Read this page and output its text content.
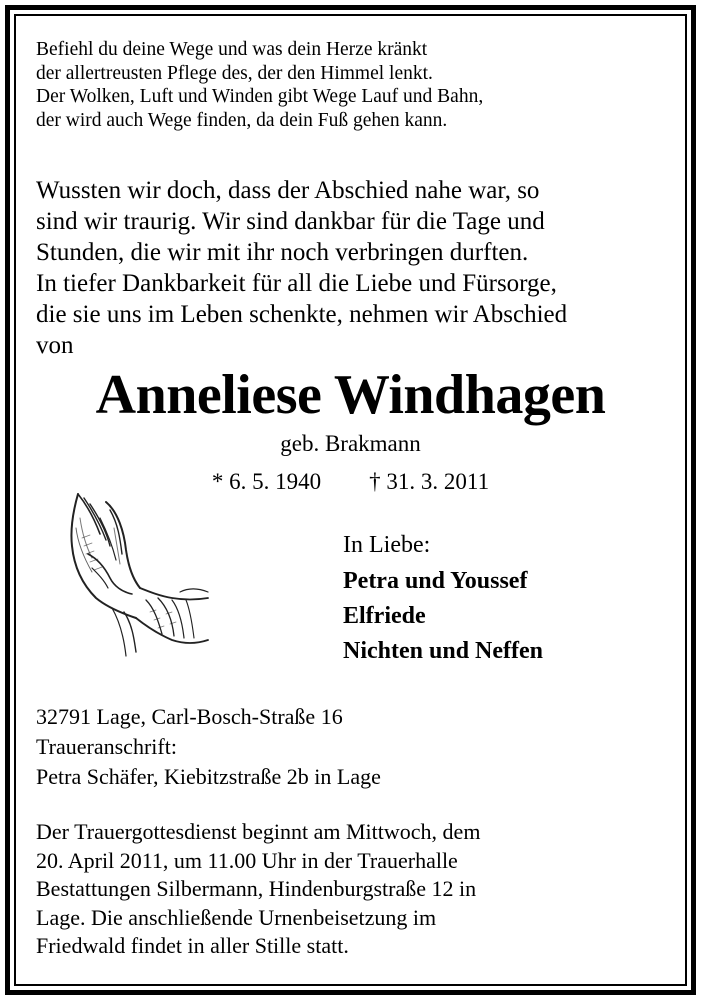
Befiehl du deine Wege und was dein Herze kränkt
der allertreusten Pflege des, der den Himmel lenkt.
Der Wolken, Luft und Winden gibt Wege Lauf und Bahn,
der wird auch Wege finden, da dein Fuß gehen kann.
Wussten wir doch, dass der Abschied nahe war, so
sind wir traurig. Wir sind dankbar für die Tage und
Stunden, die wir mit ihr noch verbringen durften.
In tiefer Dankbarkeit für all die Liebe und Fürsorge,
die sie uns im Leben schenkte, nehmen wir Abschied
von
Anneliese Windhagen
geb. Brakmann
* 6. 5. 1940 † 31. 3. 2011
In Liebe:
Petra und Youssef
Elfriede
Nichten und Neffen
32791 Lage, Carl-Bosch-Straße 16
Traueranschrift:
Petra Schäfer, Kiebitzstraße 2b in Lage
Der Trauergottesdienst beginnt am Mittwoch, dem
20. April 2011, um 11.00 Uhr in der Trauerhalle
Bestattungen Silbermann, Hindenburgstraße 12 in
Lage. Die anschließende Urnenbeisetzung im
Friedwald findet in aller Stille statt.
